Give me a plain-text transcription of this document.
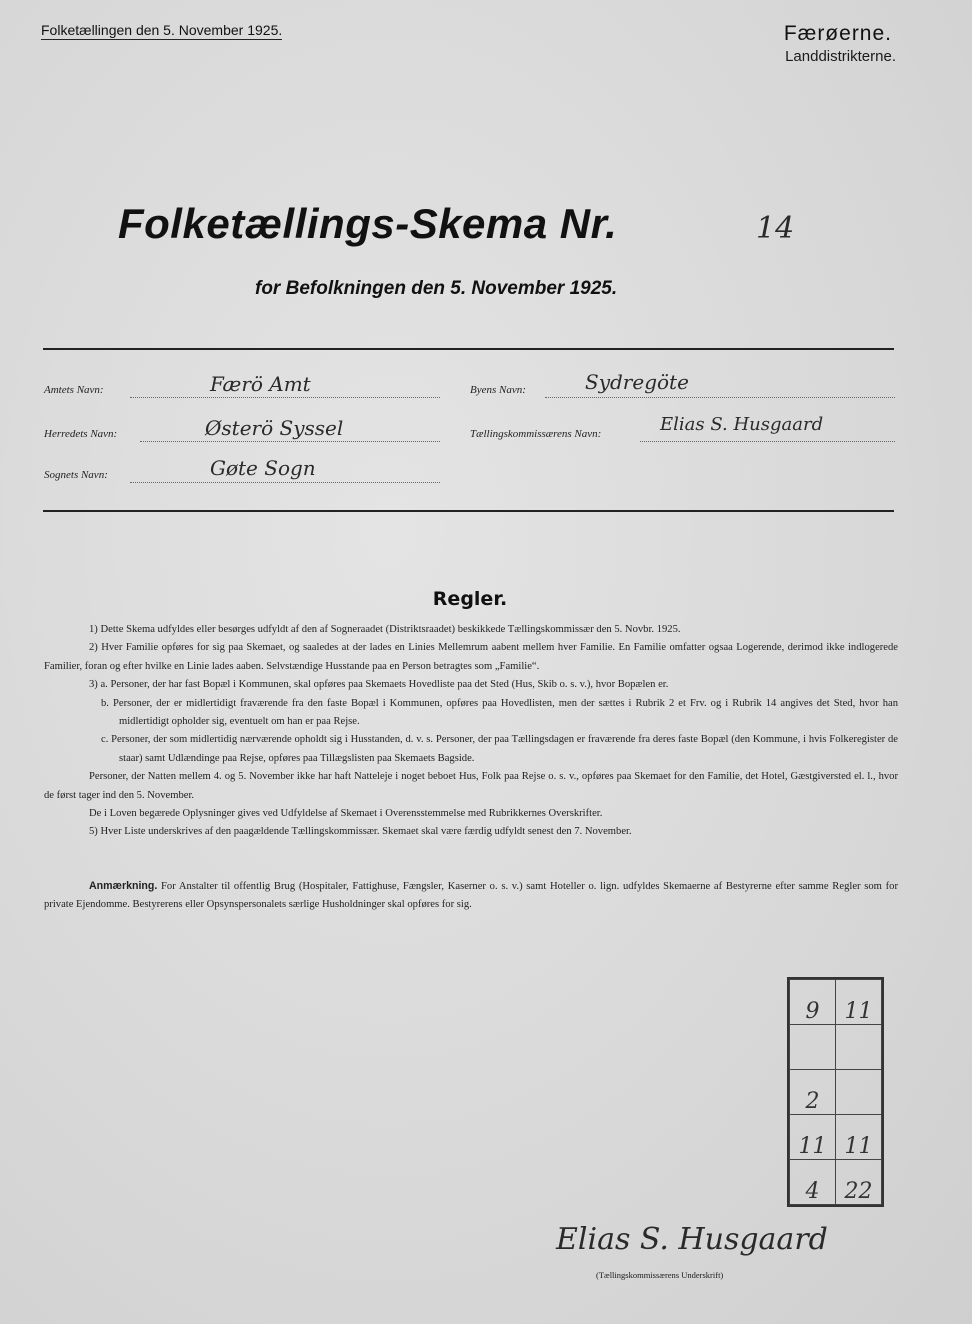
Folketællingen den 5. November 1925.	Færøerne.
Landdistrikterne.
Folketællings-Skema Nr.	14
for Befolkningen den 5. November 1925.
Amtets Navn:	Færö Amt
Herredets Navn:	Østerö Syssel
Sognets Navn:	Gøte Sogn
Byens Navn:	Sydregöte
Tællingskommissærens Navn:	Elias S. Husgaard
Regler.

1) Dette Skema udfyldes eller besørges udfyldt af den af Sogneraadet (Distriktsraadet) beskikkede Tællingskommissær den 5. Novbr. 1925.

2) Hver Familie opføres for sig paa Skemaet, og saaledes at der lades en Linies Mellemrum aabent mellem hver Familie. En Familie omfatter ogsaa Logerende, derimod ikke indlogerede Familier, foran og efter hvilke en Linie lades aaben. Selvstændige Husstande paa en Person betragtes som „Familie“.

3) a. Personer, der har fast Bopæl i Kommunen, skal opføres paa Skemaets Hovedliste paa det Sted (Hus, Skib o. s. v.), hvor Bopælen er.

b. Personer, der er midlertidigt fraværende fra den faste Bopæl i Kommunen, opføres paa Hovedlisten, men der sættes i Rubrik 2 et Frv. og i Rubrik 14 angives det Sted, hvor han midlertidigt opholder sig, eventuelt om han er paa Rejse.

c. Personer, der som midlertidig nærværende opholdt sig i Husstanden, d. v. s. Personer, der paa Tællingsdagen er fraværende fra deres faste Bopæl (den Kommune, i hvis Folkeregister de staar) samt Udlændinge paa Rejse, opføres paa Tillægslisten paa Skemaets Bagside.

Personer, der Natten mellem 4. og 5. November ikke har haft Natteleje i noget beboet Hus, Folk paa Rejse o. s. v., opføres paa Skemaet for den Familie, det Hotel, Gæstgiversted el. l., hvor de først tager ind den 5. November.

De i Loven begærede Oplysninger gives ved Udfyldelse af Skemaet i Overensstemmelse med Rubrikkernes Overskrifter.

5) Hver Liste underskrives af den paagældende Tællingskommissær. Skemaet skal være færdig udfyldt senest den 7. November.

Anmærkning. For Anstalter til offentlig Brug (Hospitaler, Fattighuse, Fængsler, Kaserner o. s. v.) samt Hoteller o. lign. udfyldes Skemaerne af Bestyrerne efter samme Regler som for private Ejendomme. Bestyrerens eller Opsynspersonalets særlige Husholdninger skal opføres for sig.

9	11

2	
11	11
4	22
Elias S. Husgaard
(Tællingskommissærens Underskrift)
